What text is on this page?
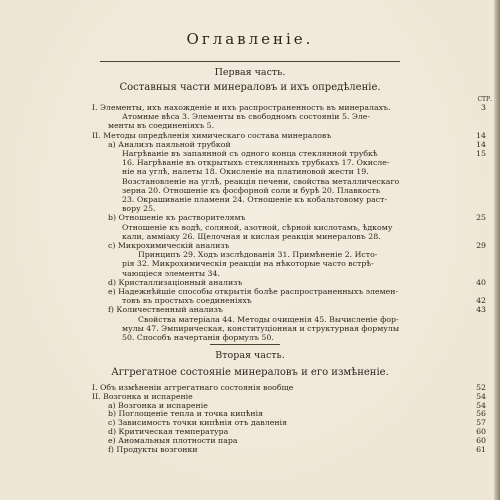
Оглавленіе.
Первая часть.
Составныя части минераловъ и ихъ опредѣленіе.
СТР.
I. Элементы, ихъ нахожденіе и ихъ распространенность въ минералахъ.	3
Атомные вѣса 3. Элементы въ свободномъ состояніи 5. Эле-
менты въ соединеніяхъ 5.
II. Методы опредѣленія химическаго состава минераловъ	14
a) Анализъ паяльной трубкой	14
Нагрѣваніе въ запаянной съ одного конца стеклянной трубкѣ	15
16. Нагрѣваніе въ открытыхъ стеклянныхъ трубкахъ 17. Окисле-
ніе на углѣ, налеты 18. Окисленіе на платиновой жести 19.
Возстановленіе на углѣ, реакція печени, свойства металлическаго
зерна 20. Отношеніе къ фосфорной соли и бурѣ 20. Плавкость
23. Окрашиваніе пламени 24. Отношеніе къ кобальтовому раст-
вору 25.
b) Отношеніе къ растворителямъ	25
Отношеніе къ водѣ, соляной, азотной, сѣрной кислотамъ, ѣдкому
кали, аммiаку 26. Щелочная и кислая реакція минераловъ 28.
c) Микрохимическій анализъ	29
Принципъ 29. Ходъ изслѣдованія 31. Примѣненіе 2. Исто-
рія 32. Микрохимическія реакціи на нѣкоторые часто встрѣ-
чающіеся элементы 34.
d) Кристаллизаціонный анализъ	40
e) Надежнѣйшіе способы открытія болѣе распространенныхъ элемен-
товъ въ простыхъ соединеніяхъ	42
f) Количественный анализъ	43
Свойства матеріала 44. Методы очищенія 45. Вычисленіе фор-
мулы 47. Эмпирическая, конституціонная и структурная формулы
50. Способъ начертанія формулъ 50.
Вторая часть.
Аггрегатное состояніе минераловъ и его измѣненіе.
I. Объ измѣненіи аггрегатнаго состоянія вообще	52
II. Возгонка и испареніе	54
a) Возгонка и испареніе	54
b) Поглощеніе тепла и точка кипѣнія	56
c) Зависимость точки кипѣнія отъ давленія	57
d) Критическая температура	60
e) Аномальныя плотности пара	60
f) Продукты возгонки	61
